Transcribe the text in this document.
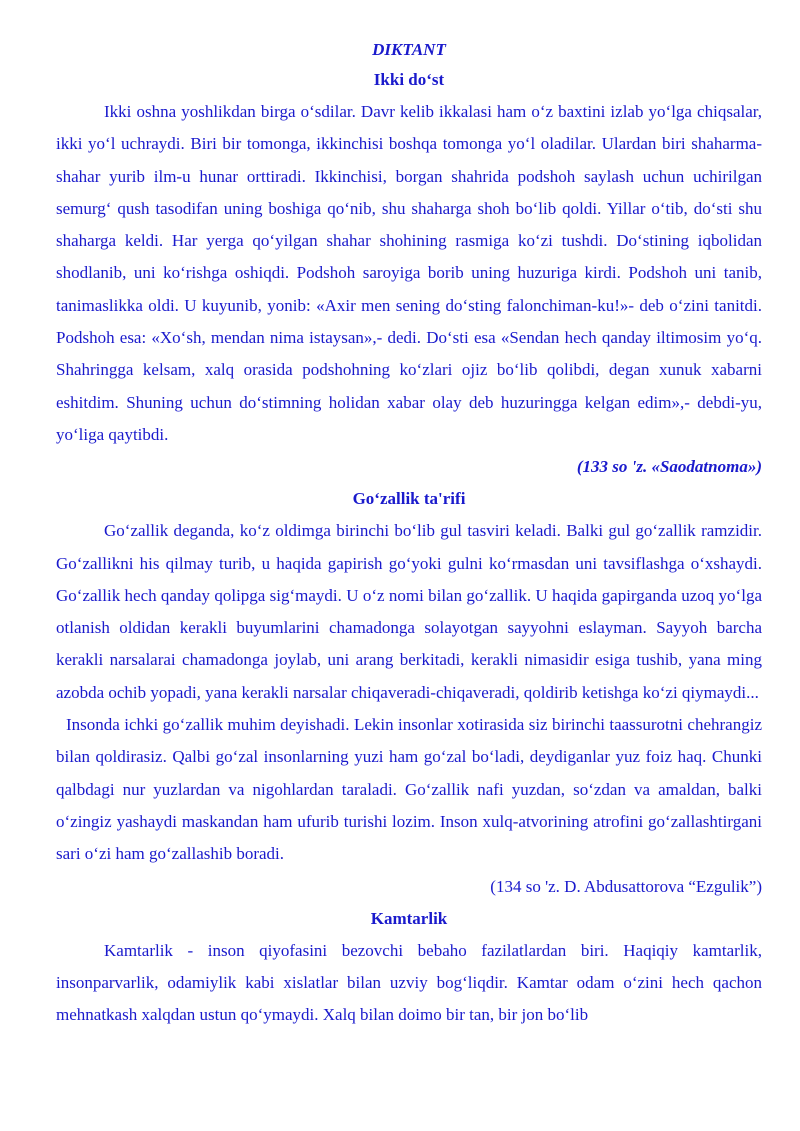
DIKTANT

Ikki do‘st

Ikki oshna yoshlikdan birga o‘sdilar. Davr kelib ikkalasi ham o‘z baxtini izlab yo‘lga chiqsalar, ikki yo‘l uchraydi. Biri bir tomonga, ikkinchisi boshqa tomonga yo‘l oladilar. Ulardan biri shaharma-shahar yurib ilm-u hunar orttiradi. Ikkinchisi, borgan shahrida podshoh saylash uchun uchirilgan semurg‘ qush tasodifan uning boshiga qo‘nib, shu shaharga shoh bo‘lib qoldi. Yillar o‘tib, do‘sti shu shaharga keldi. Har yerga qo‘yilgan shahar shohining rasmiga ko‘zi tushdi. Do‘stining iqbolidan shodlanib, uni ko‘rishga oshiqdi. Podshoh saroyiga borib uning huzuriga kirdi. Podshoh uni tanib, tanimaslikka oldi. U kuyunib, yonib: «Axir men sening do‘sting falonchiman-ku!»- deb o‘zini tanitdi. Podshoh esa: «Xo‘sh, mendan nima istaysan»,- dedi. Do‘sti esa «Sendan hech qanday iltimosim yo‘q. Shahringga kelsam, xalq orasida podshohning ko‘zlari ojiz bo‘lib qolibdi, degan xunuk xabarni eshitdim. Shuning uchun do‘stimning holidan xabar olay deb huzuringga kelgan edim»,- debdi-yu, yo‘liga qaytibdi.

(133 so 'z. «Saodatnoma»)

Go‘zallik ta'rifi

Go‘zallik deganda, ko‘z oldimga birinchi bo‘lib gul tasviri keladi. Balki gul go‘zallik ramzidir. Go‘zallikni his qilmay turib, u haqida gapirish go‘yoki gulni ko‘rmasdan uni tavsiflashga o‘xshaydi. Go‘zallik hech qanday qolipga sig‘maydi. U o‘z nomi bilan go‘zallik. U haqida gapirganda uzoq yo‘lga otlanish oldidan kerakli buyumlarini chamadonga solayotgan sayyohni eslayman. Sayyoh barcha kerakli narsalarai chamadonga joylab, uni arang berkitadi, kerakli nimasidir esiga tushib, yana ming azobda ochib yopadi, yana kerakli narsalar chiqaveradi-chiqaveradi, qoldirib ketishga ko‘zi qiymaydi...

Insonda ichki go‘zallik muhim deyishadi. Lekin insonlar xotirasida siz birinchi taassurotni chehrangiz bilan qoldirasiz. Qalbi go‘zal insonlarning yuzi ham go‘zal bo‘ladi, deydiganlar yuz foiz haq. Chunki qalbdagi nur yuzlardan va nigohlardan taraladi. Go‘zallik nafi yuzdan, so‘zdan va amaldan, balki o‘zingiz yashaydi maskandan ham ufurib turishi lozim. Inson xulq-atvorining atrofini go‘zallashtirgani sari o‘zi ham go‘zallashib boradi.

(134 so 'z. D. Abdusattorova “Ezgulik”)

Kamtarlik

Kamtarlik - inson qiyofasini bezovchi bebaho fazilatlardan biri. Haqiqiy kamtarlik, insonparvarlik, odamiylik kabi xislatlar bilan uzviy bog‘liqdir. Kamtar odam o‘zini hech qachon mehnatkash xalqdan ustun qo‘ymaydi. Xalq bilan doimo bir tan, bir jon bo‘lib
